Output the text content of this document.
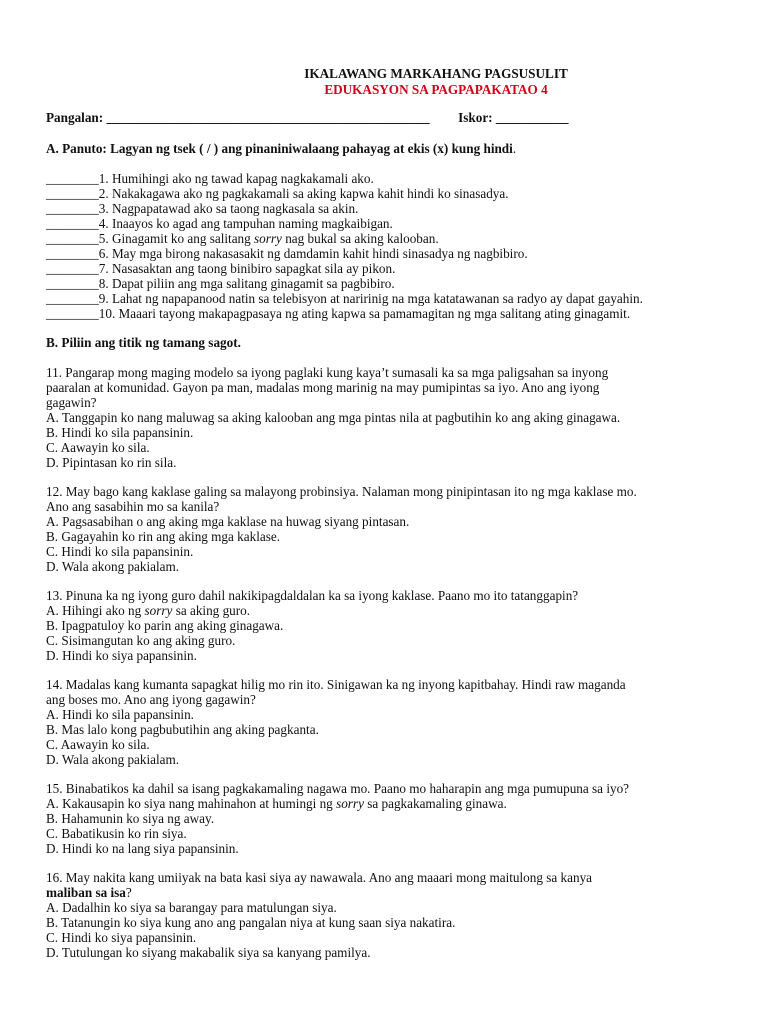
IKALAWANG MARKAHANG PAGSUSULIT
EDUKASYON SA PAGPAPAKATAO 4
Pangalan: _________________________________________________ Iskor: ___________
A. Panuto: Lagyan ng tsek ( / ) ang pinaniniwalaang pahayag at ekis (x) kung hindi.
________1. Humihingi ako ng tawad kapag nagkakamali ako.
________2. Nakakagawa ako ng pagkakamali sa aking kapwa kahit hindi ko sinasadya.
________3. Nagpapatawad ako sa taong nagkasala sa akin.
________4. Inaayos ko agad ang tampuhan naming magkaibigan.
________5. Ginagamit ko ang salitang sorry nag bukal sa aking kalooban.
________6. May mga birong nakasasakit ng damdamin kahit hindi sinasadya ng nagbibiro.
________7. Nasasaktan ang taong binibiro sapagkat sila ay pikon.
________8. Dapat piliin ang mga salitang ginagamit sa pagbibiro.
________9. Lahat ng napapanood natin sa telebisyon at naririnig na mga katatawanan sa radyo ay dapat gayahin.
________10. Maaari tayong makapagpasaya ng ating kapwa sa pamamagitan ng mga salitang ating ginagamit.
B. Piliin ang titik ng tamang sagot.
11. Pangarap mong maging modelo sa iyong paglaki kung kaya’t sumasali ka sa mga paligsahan sa inyong
paaralan at komunidad. Gayon pa man, madalas mong marinig na may pumipintas sa iyo. Ano ang iyong
gagawin?
A. Tanggapin ko nang maluwag sa aking kalooban ang mga pintas nila at pagbutihin ko ang aking ginagawa.
B. Hindi ko sila papansinin.
C. Aawayin ko sila.
D. Pipintasan ko rin sila.
12. May bago kang kaklase galing sa malayong probinsiya. Nalaman mong pinipintasan ito ng mga kaklase mo.
Ano ang sasabihin mo sa kanila?
A. Pagsasabihan o ang aking mga kaklase na huwag siyang pintasan.
B. Gagayahin ko rin ang aking mga kaklase.
C. Hindi ko sila papansinin.
D. Wala akong pakialam.
13. Pinuna ka ng iyong guro dahil nakikipagdaldalan ka sa iyong kaklase. Paano mo ito tatanggapin?
A. Hihingi ako ng sorry sa aking guro.
B. Ipagpatuloy ko parin ang aking ginagawa.
C. Sisimangutan ko ang aking guro.
D. Hindi ko siya papansinin.
14. Madalas kang kumanta sapagkat hilig mo rin ito. Sinigawan ka ng inyong kapitbahay. Hindi raw maganda
ang boses mo. Ano ang iyong gagawin?
A. Hindi ko sila papansinin.
B. Mas lalo kong pagbubutihin ang aking pagkanta.
C. Aawayin ko sila.
D. Wala akong pakialam.
15. Binabatikos ka dahil sa isang pagkakamaling nagawa mo. Paano mo haharapin ang mga pumupuna sa iyo?
A. Kakausapin ko siya nang mahinahon at humingi ng sorry sa pagkakamaling ginawa.
B. Hahamunin ko siya ng away.
C. Babatikusin ko rin siya.
D. Hindi ko na lang siya papansinin.
16. May nakita kang umiiyak na bata kasi siya ay nawawala. Ano ang maaari mong maitulong sa kanya
maliban sa isa?
A. Dadalhin ko siya sa barangay para matulungan siya.
B. Tatanungin ko siya kung ano ang pangalan niya at kung saan siya nakatira.
C. Hindi ko siya papansinin.
D. Tutulungan ko siyang makabalik siya sa kanyang pamilya.
